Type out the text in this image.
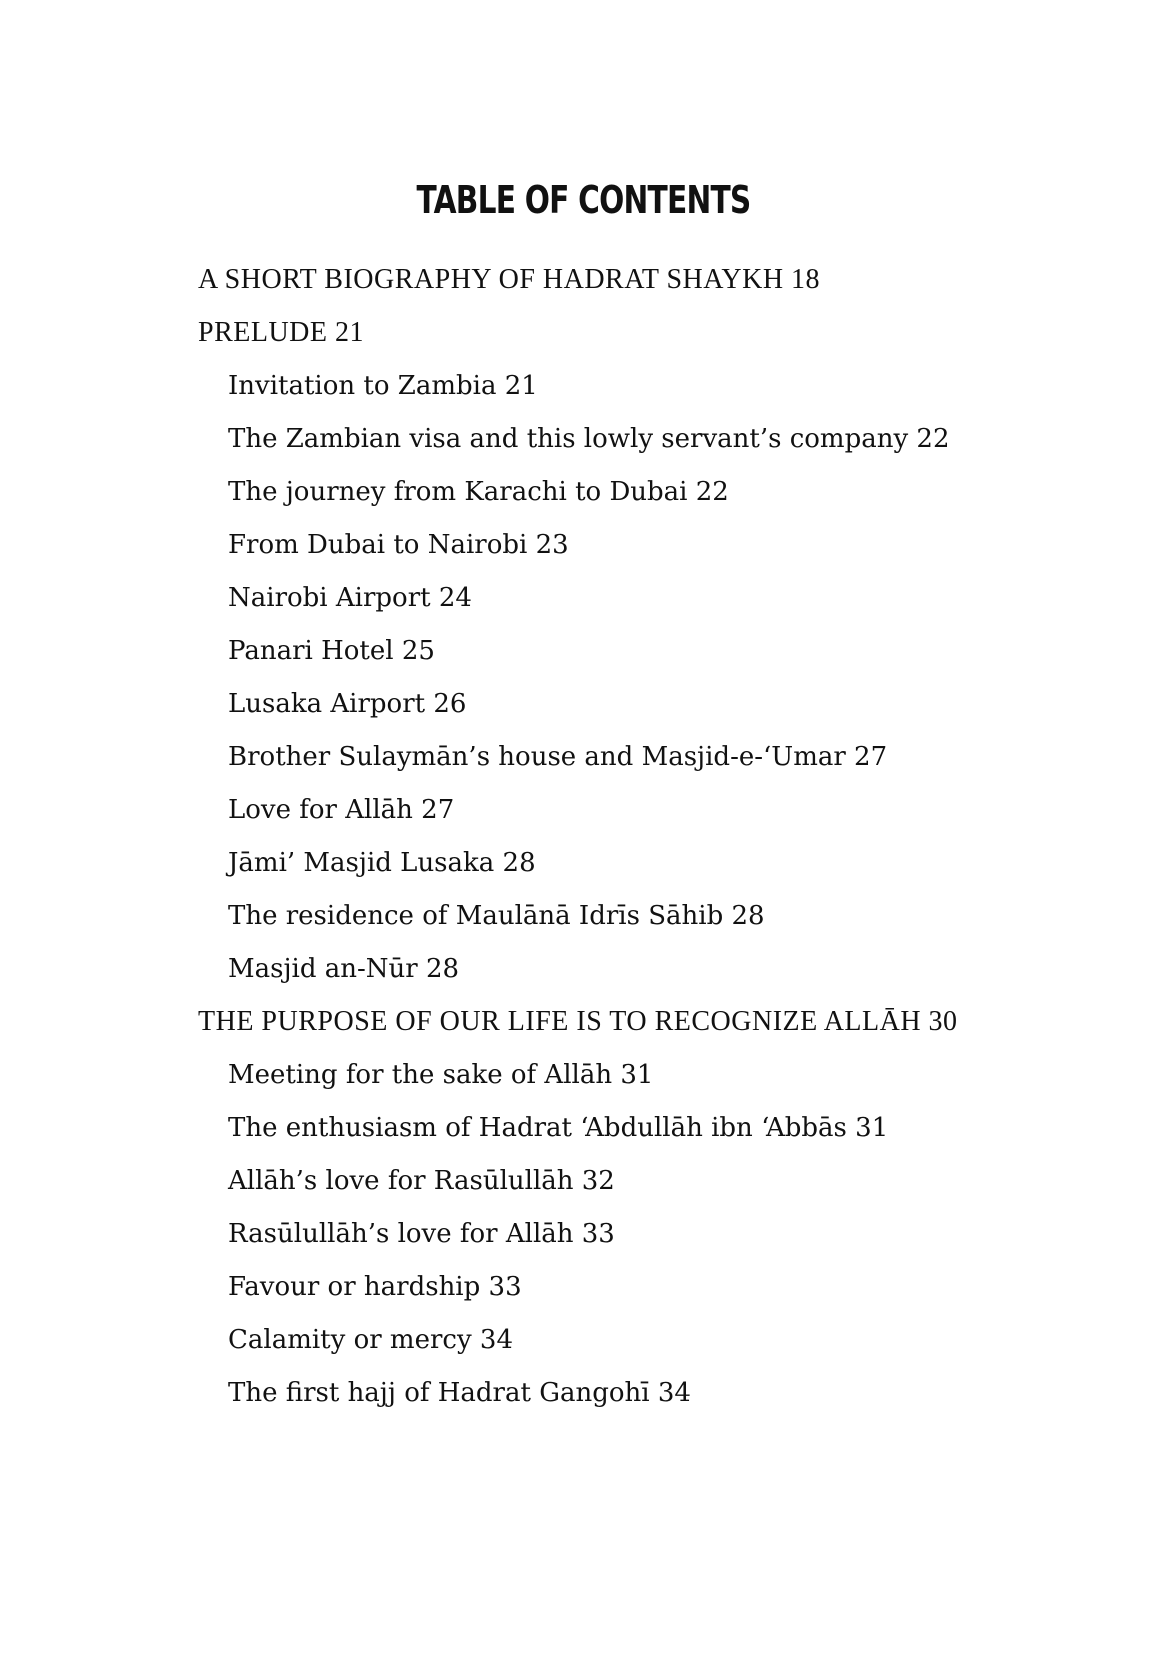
TABLE OF CONTENTS
A SHORT BIOGRAPHY OF HADRAT SHAYKH 18
PRELUDE 21
Invitation to Zambia 21
The Zambian visa and this lowly servant’s company 22
The journey from Karachi to Dubai 22
From Dubai to Nairobi 23
Nairobi Airport 24
Panari Hotel 25
Lusaka Airport 26
Brother Sulaymān’s house and Masjid-e-‘Umar 27
Love for Allāh 27
Jāmi’ Masjid Lusaka 28
The residence of Maulānā Idrīs Sāhib 28
Masjid an-Nūr 28
THE PURPOSE OF OUR LIFE IS TO RECOGNIZE ALLĀH 30
Meeting for the sake of Allāh 31
The enthusiasm of Hadrat ‘Abdullāh ibn ‘Abbās 31
Allāh’s love for Rasūlullāh 32
Rasūlullāh’s love for Allāh 33
Favour or hardship 33
Calamity or mercy 34
The first hajj of Hadrat Gangohī 34
